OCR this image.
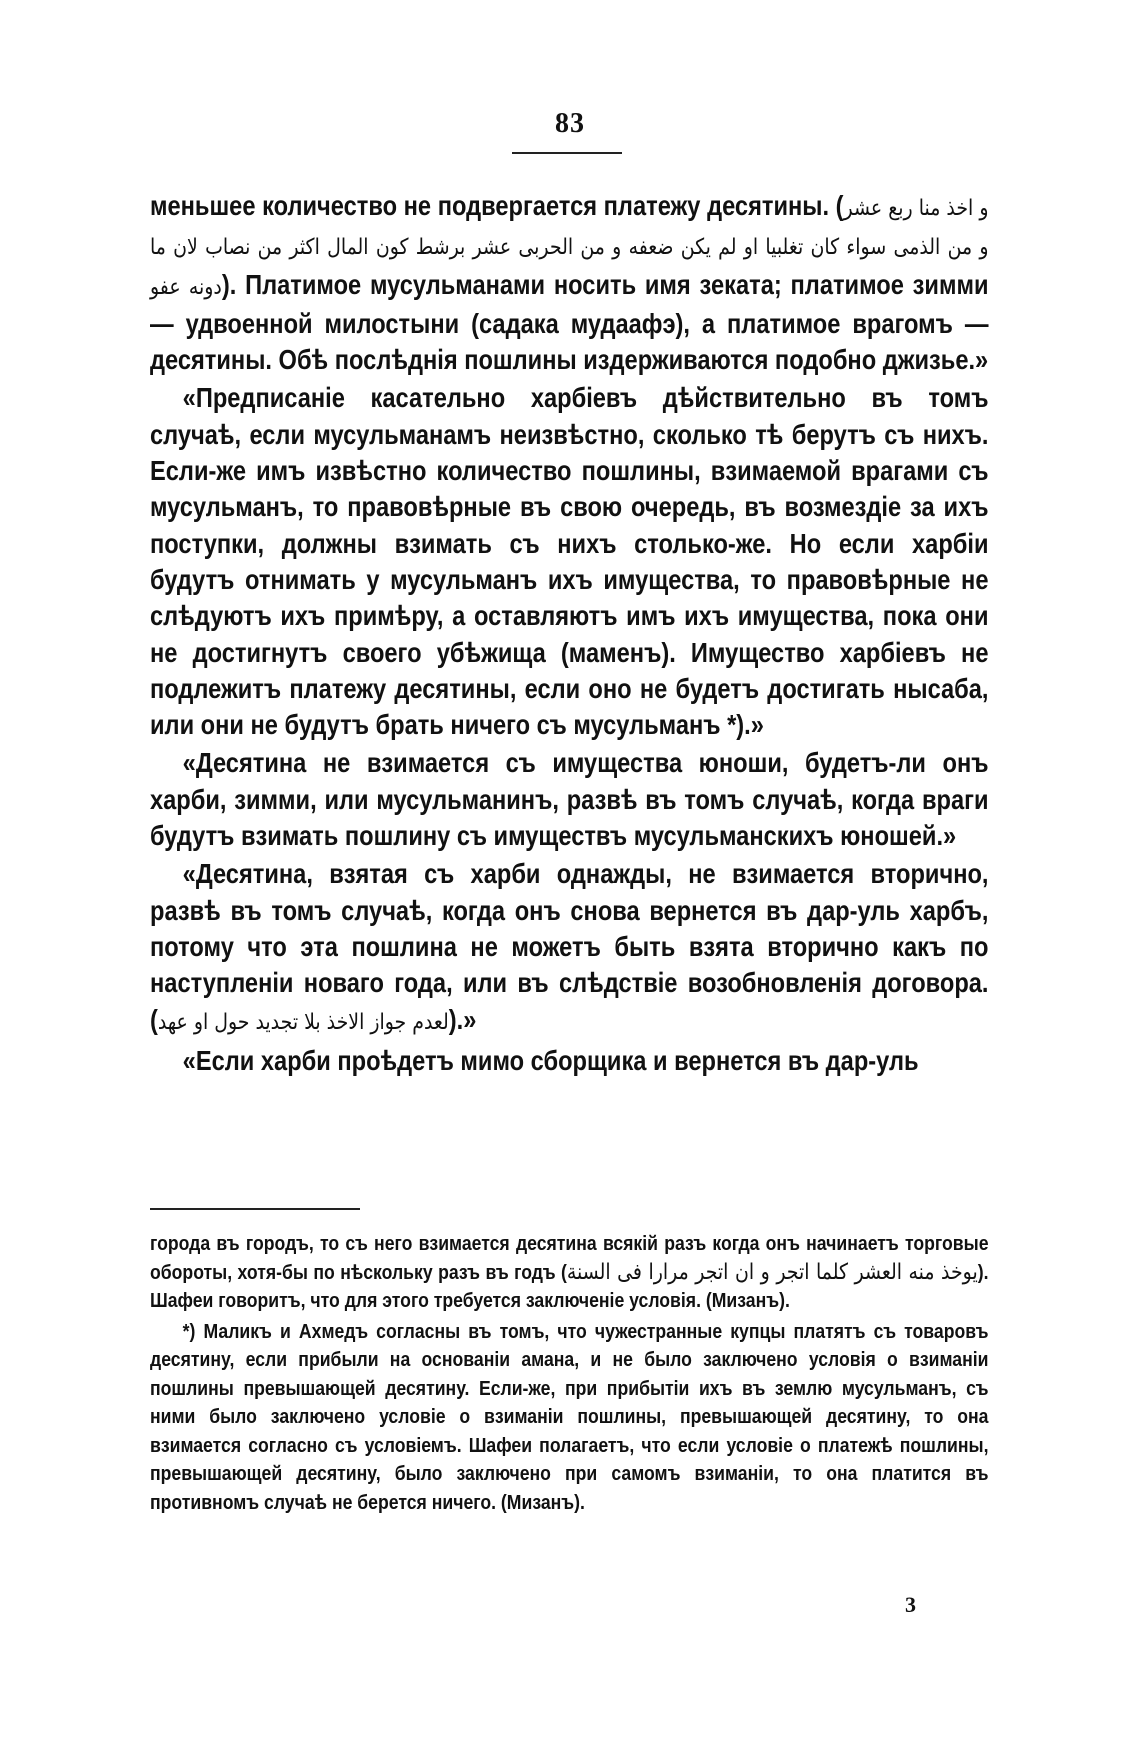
83

меньшее количество не подвергается платежу десятины. (و اخذ منا ربع عشر و من الذمی سواء کان تغلبیا او لم یکن ضعفه و من الحربی عشر برشط کون المال اکثر من نصاب لان ما دونه عفو). Платимое мусульманами носить имя зеката; платимое зимми — удвоенной милостыни (садака мудаафэ), а платимое врагомъ — десятины. Обѣ послѣднія пошлины издерживаются подобно джизье.»

«Предписаніе касательно харбіевъ дѣйствительно въ томъ случаѣ, если мусульманамъ неизвѣстно, сколько тѣ берутъ съ нихъ. Если-же имъ извѣстно количество пошлины, взимаемой врагами съ мусульманъ, то правовѣрные въ свою очередь, въ возмездіе за ихъ поступки, должны взимать съ нихъ столько-же. Но если харбіи будутъ отнимать у мусульманъ ихъ имущества, то правовѣрные не слѣдуютъ ихъ примѣру, а оставляютъ имъ ихъ имущества, пока они не достигнутъ своего убѣжища (маменъ). Имущество харбіевъ не подлежитъ платежу десятины, если оно не будетъ достигать нысаба, или они не будутъ брать ничего съ мусульманъ *).»

«Десятина не взимается съ имущества юноши, будетъ-ли онъ харби, зимми, или мусульманинъ, развѣ въ томъ случаѣ, когда враги будутъ взимать пошлину съ имуществъ мусульманскихъ юношей.»

«Десятина, взятая съ харби однажды, не взимается вторично, развѣ въ томъ случаѣ, когда онъ снова вернется въ дар-уль харбъ, потому что эта пошлина не можетъ быть взята вторично какъ по наступленіи новаго года, или въ слѣдствіе возобновленія договора. (لعدم جواز الاخذ بلا تجدید حول او عهد).»

«Если харби проѣдетъ мимо сборщика и вернется въ дар-уль

города въ городъ, то съ него взимается десятина всякій разъ когда онъ начинаетъ торговые обороты, хотя-бы по нѣскольку разъ въ годъ (یوخذ منه العشر کلما اتجر و ان اتجر مرارا فی السنة). Шафеи говоритъ, что для этого требуется заключеніе условія. (Мизанъ).

*) Маликъ и Ахмедъ согласны въ томъ, что чужестранные купцы платятъ съ товаровъ десятину, если прибыли на основаніи амана, и не было заключено условія о взиманіи пошлины превышающей десятину. Если-же, при прибытіи ихъ въ землю мусульманъ, съ ними было заключено условіе о взиманіи пошлины, превышающей десятину, то она взимается согласно съ условіемъ. Шафеи полагаетъ, что если условіе о платежѣ пошлины, превышающей десятину, было заключено при самомъ взиманіи, то она платится въ противномъ случаѣ не берется ничего. (Мизанъ).

3
